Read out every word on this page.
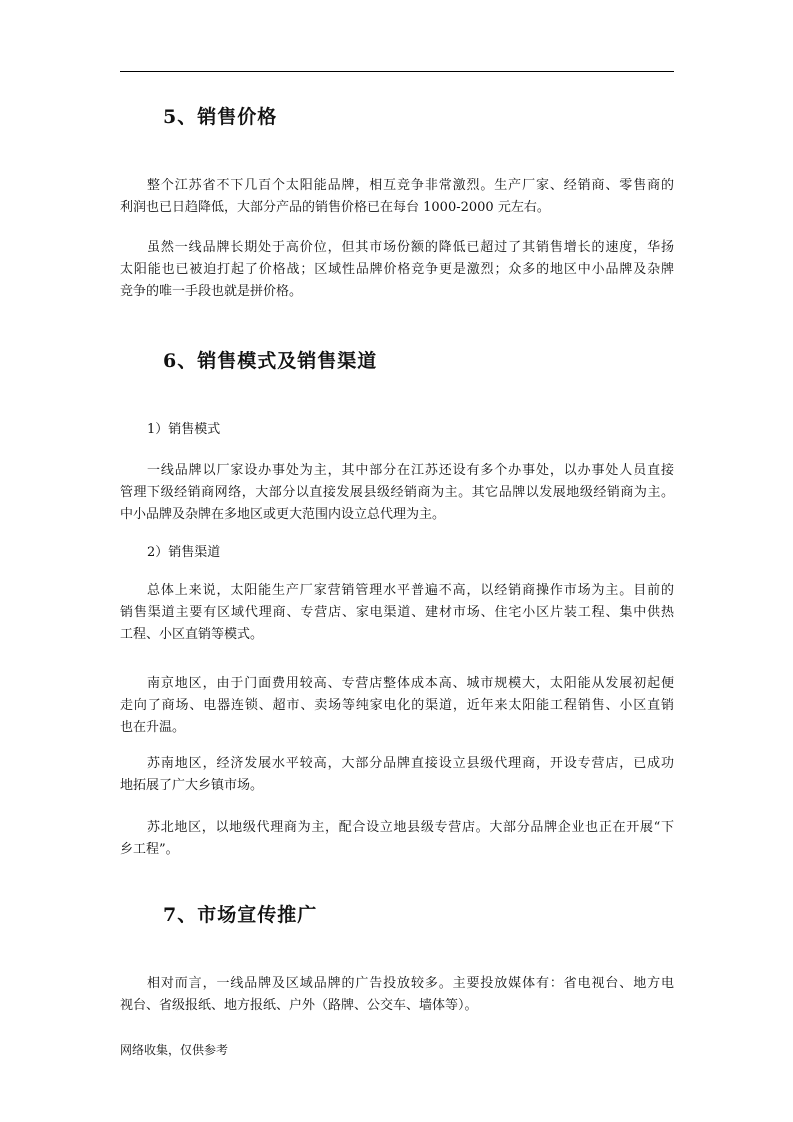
5、销售价格
整个江苏省不下几百个太阳能品牌，相互竞争非常激烈。生产厂家、经销商、零售商的
利润也已日趋降低，大部分产品的销售价格已在每台 1000-2000 元左右。
虽然一线品牌长期处于高价位，但其市场份额的降低已超过了其销售增长的速度，华扬
太阳能也已被迫打起了价格战；区域性品牌价格竞争更是激烈；众多的地区中小品牌及杂牌
竞争的唯一手段也就是拼价格。
6、销售模式及销售渠道
1）销售模式
一线品牌以厂家设办事处为主，其中部分在江苏还设有多个办事处，以办事处人员直接
管理下级经销商网络，大部分以直接发展县级经销商为主。其它品牌以发展地级经销商为主。
中小品牌及杂牌在多地区或更大范围内设立总代理为主。
2）销售渠道
总体上来说，太阳能生产厂家营销管理水平普遍不高，以经销商操作市场为主。目前的
销售渠道主要有区域代理商、专营店、家电渠道、建材市场、住宅小区片装工程、集中供热
工程、小区直销等模式。
南京地区，由于门面费用较高、专营店整体成本高、城市规模大，太阳能从发展初起便
走向了商场、电器连锁、超市、卖场等纯家电化的渠道，近年来太阳能工程销售、小区直销
也在升温。
苏南地区，经济发展水平较高，大部分品牌直接设立县级代理商，开设专营店，已成功
地拓展了广大乡镇市场。
苏北地区，以地级代理商为主，配合设立地县级专营店。大部分品牌企业也正在开展“下
乡工程”。
7、市场宣传推广
相对而言，一线品牌及区域品牌的广告投放较多。主要投放媒体有：省电视台、地方电
视台、省级报纸、地方报纸、户外（路牌、公交车、墙体等）。
网络收集，仅供参考
